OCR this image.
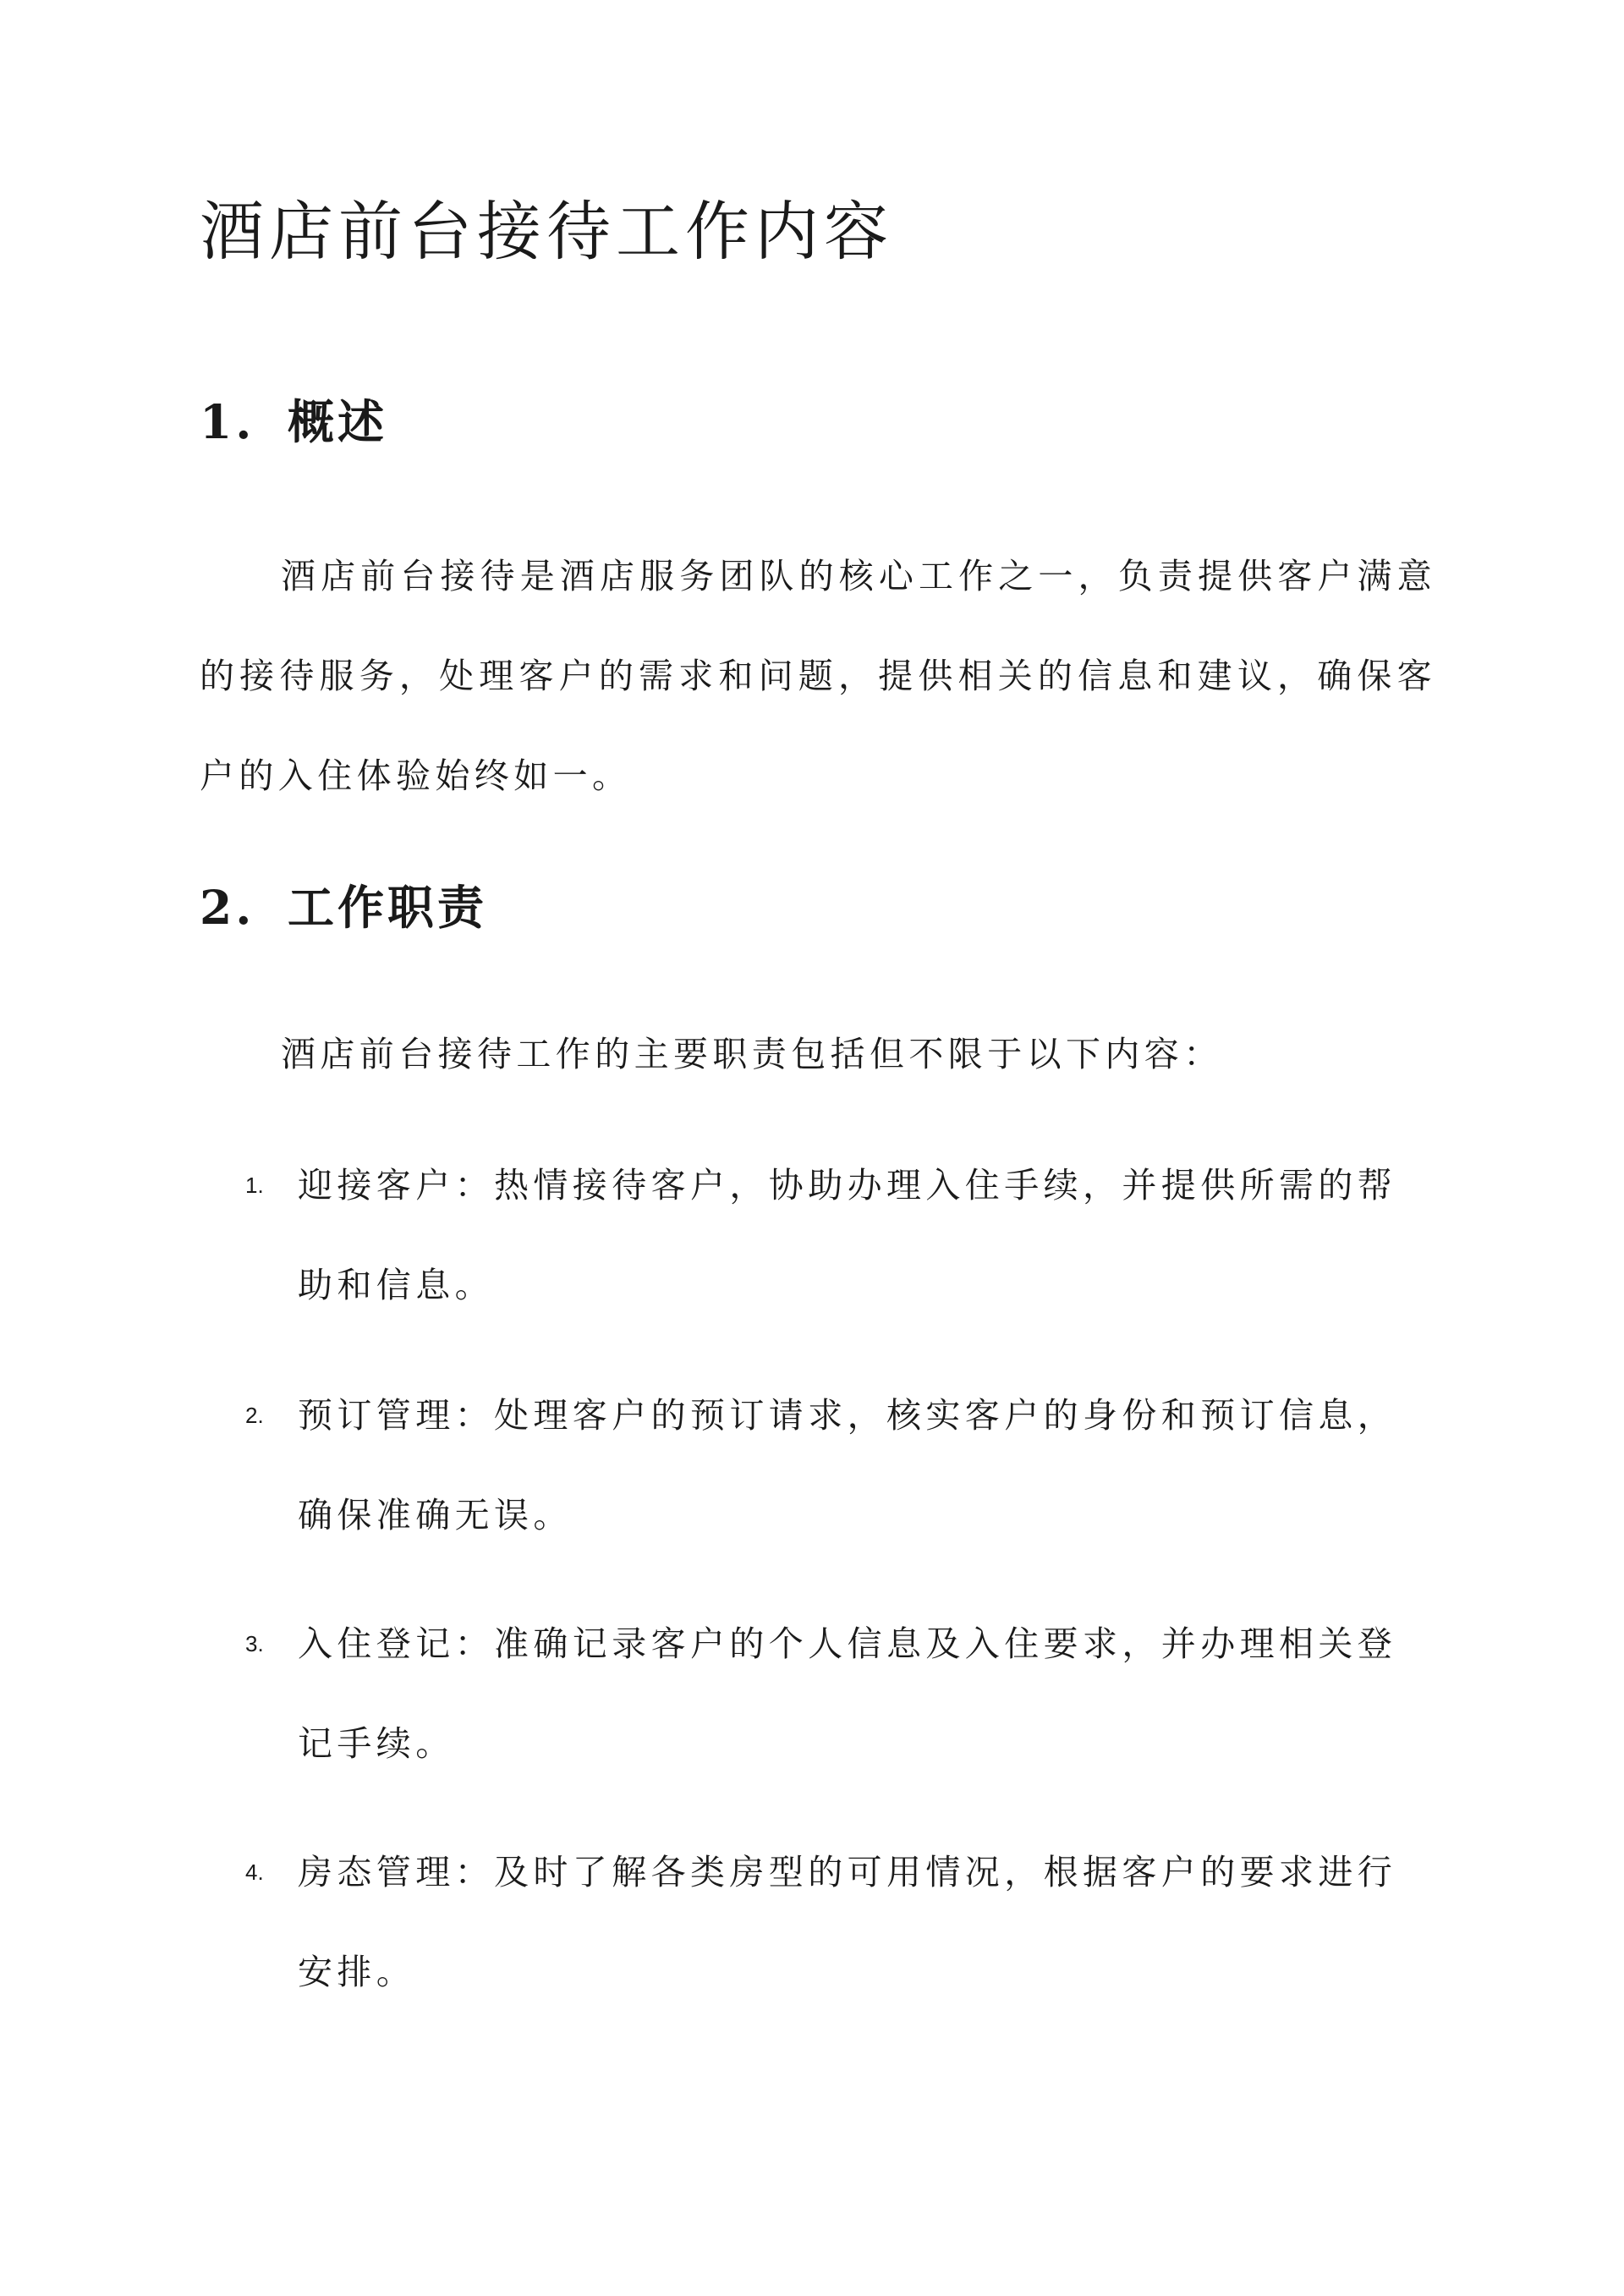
酒店前台接待工作内容
1. 概述

酒店前台接待是酒店服务团队的核心工作之一，负责提供客户满意的接待服务，处理客户的需求和问题，提供相关的信息和建议，确保客户的入住体验始终如一。

2. 工作职责

酒店前台接待工作的主要职责包括但不限于以下内容：

1. 迎接客户：热情接待客户，协助办理入住手续，并提供所需的帮助和信息。
2. 预订管理：处理客户的预订请求，核实客户的身份和预订信息，确保准确无误。
3. 入住登记：准确记录客户的个人信息及入住要求，并办理相关登记手续。
4. 房态管理：及时了解各类房型的可用情况，根据客户的要求进行安排。
